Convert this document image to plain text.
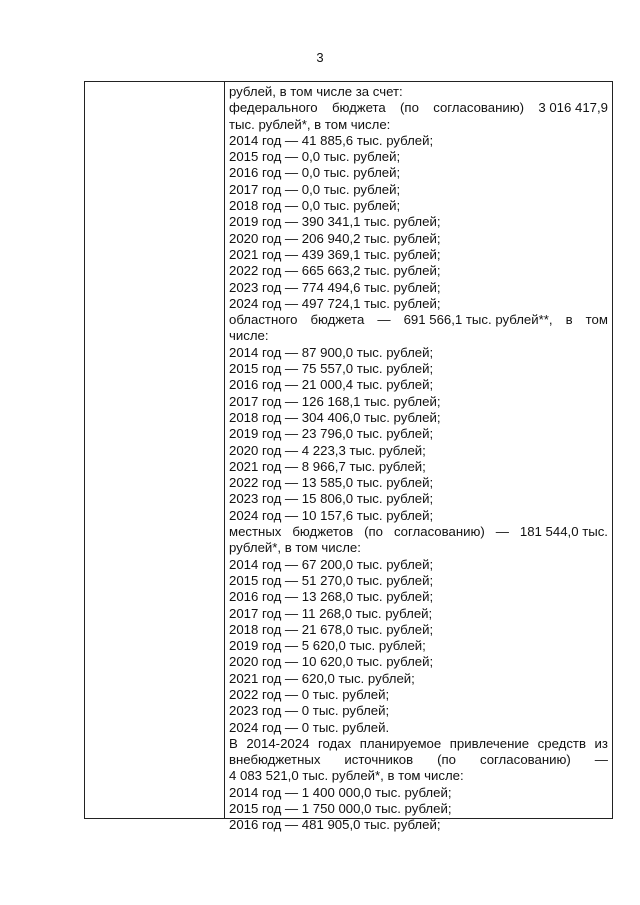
3
рублей, в том числе за счет:
федерального бюджета (по согласованию) 3 016 417,9
тыс. рублей*, в том числе:
2014 год — 41 885,6 тыс. рублей;
2015 год — 0,0 тыс. рублей;
2016 год — 0,0 тыс. рублей;
2017 год — 0,0 тыс. рублей;
2018 год — 0,0 тыс. рублей;
2019 год — 390 341,1 тыс. рублей;
2020 год — 206 940,2 тыс. рублей;
2021 год — 439 369,1 тыс. рублей;
2022 год — 665 663,2 тыс. рублей;
2023 год — 774 494,6 тыс. рублей;
2024 год — 497 724,1 тыс. рублей;
областного бюджета — 691 566,1 тыс. рублей**, в том
числе:
2014 год — 87 900,0 тыс. рублей;
2015 год — 75 557,0 тыс. рублей;
2016 год — 21 000,4 тыс. рублей;
2017 год — 126 168,1 тыс. рублей;
2018 год — 304 406,0 тыс. рублей;
2019 год — 23 796,0 тыс. рублей;
2020 год — 4 223,3 тыс. рублей;
2021 год — 8 966,7 тыс. рублей;
2022 год — 13 585,0 тыс. рублей;
2023 год — 15 806,0 тыс. рублей;
2024 год — 10 157,6 тыс. рублей;
местных бюджетов (по согласованию) — 181 544,0 тыс.
рублей*, в том числе:
2014 год — 67 200,0 тыс. рублей;
2015 год — 51 270,0 тыс. рублей;
2016 год — 13 268,0 тыс. рублей;
2017 год — 11 268,0 тыс. рублей;
2018 год — 21 678,0 тыс. рублей;
2019 год — 5 620,0 тыс. рублей;
2020 год — 10 620,0 тыс. рублей;
2021 год — 620,0 тыс. рублей;
2022 год — 0 тыс. рублей;
2023 год — 0 тыс. рублей;
2024 год — 0 тыс. рублей.
В 2014-2024 годах планируемое привлечение средств из
внебюджетных источников (по согласованию) —
4 083 521,0 тыс. рублей*, в том числе:
2014 год — 1 400 000,0 тыс. рублей;
2015 год — 1 750 000,0 тыс. рублей;
2016 год — 481 905,0 тыс. рублей;
